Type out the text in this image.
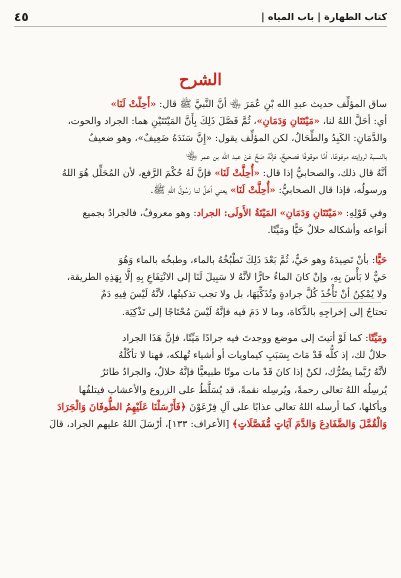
كتاب الطهارة | باب المياه |
٤٥
الشرح
ساق المؤلِّف حديث عبدِ الله بْنِ عُمَرَ ﵄ أنَّ النَّبيَّ ﷺ قال: «أُحِلَّتْ لَنَا»
أي: أحَلَّ اللهُ لنا، «مَيْتَتَانِ وَدَمَانِ»، ثُمَّ فَصَّلَ ذَلِكَ بِأَنَّ المَيْتَتَيْنِ هما: الجراد والحوت،
والدَّمَانِ: الكَبِدُ والطِّحَالُ، لكن المؤلِّف يقول: «إِنَّ سَنَدَهُ ضَعِيفٌ»، وهو ضعيفٌ
بالنسبة لروايته مرفوعًا، أمَّا موقوفًا فصحيحٌ، فإنَّهُ صَحَّ عَنْ عبد الله بن عمر ﵄
أنَّهُ قال ذلك، والصحابيُّ إذا قال: «أُحِلَّتْ لَنَا» فإنَّ لَهُ حُكْمَ الرَّفع، لأن المُحَلِّل هُوَ اللهُ
ورسولُه، فإذا قال الصحابيُّ: «أُحِلَّتْ لَنَا» يعني أحَلَّ لنا رَسُولُ اللهِ ﷺ.
وفي قَوْلِهِ: «مَيْتَتَانِ وَدَمَانِ» المَيْتَةُ الأُولَى: الجراد: وهو معروفٌ، فالجرادُ بجميع
أنواعه وأشكاله حلالٌ حَيًّا ومَيِّتًا.
حَيًّا: بأنْ تَصِيدَهُ وهو حَيٌّ، ثُمَّ بَعْدَ ذَلِكَ تَطْبُخُهُ بالماء، وطبخُه بالماء وَهُوَ
حَيٌّ لا بَأْسَ بِهِ، وإنْ كانَ الماءُ حارًّا لأنَّهُ لا سَبِيلَ لَنَا إلى الانْتِفَاعِ بِهِ إلَّا بِهَذِهِ الطريقة،
ولا يُمْكِنُ أنْ تَأْخُذَ كُلَّ جرادةٍ وتُذَكِّيَهَا، بل ولا تجب تذكيتُها، لأنَّهُ لَيْسَ فِيهِ دَمٌ
تحتاجُ إلى إخراجِهِ بالذَّكاة، وما لا دَمَ فيه فإنَّهُ لَيْسَ مُحْتَاجًا إلى تَذْكِيَة.
ومَيِّتًا: كما لَوْ أتيتَ إلى موضع ووجدتَ فيه جرادًا مَيِّتًا، فإنَّ هَذَا الجراد
حلالٌ لك، إذ كلُّه قَدْ مَاتَ بِسَبَبِ كيماويات أو أشياء تُهلكه، فهنا لا تأكُلْهُ
لأنَّهُ رُبَّما يضُرُّك، لكنْ إذا كانَ قَدْ مات موتًا طبيعيًّا فإنَّهُ حلالٌ، والجرادُ طائرٌ
يُرسِلُه اللهُ تعالى رحمةً، ويُرسِله نقمةً، قد يُسَلَّطُ على الزروع والأعشاب فيتلفُها
ويأكلها، كما أرسله اللهُ تعالى عذابًا على آلِ فِرْعَوْنَ ﴿فَأَرْسَلْنَا عَلَيْهِمُ الطُّوفَانَ وَالْجَرَادَ
وَالْقُمَّلَ وَالضَّفَادِعَ وَالدَّمَ آيَاتٍ مُّفَصَّلَاتٍ﴾ [الأعراف: ١٣٣]، أرْسَلَ اللهُ عليهم الجراد، قالَ
